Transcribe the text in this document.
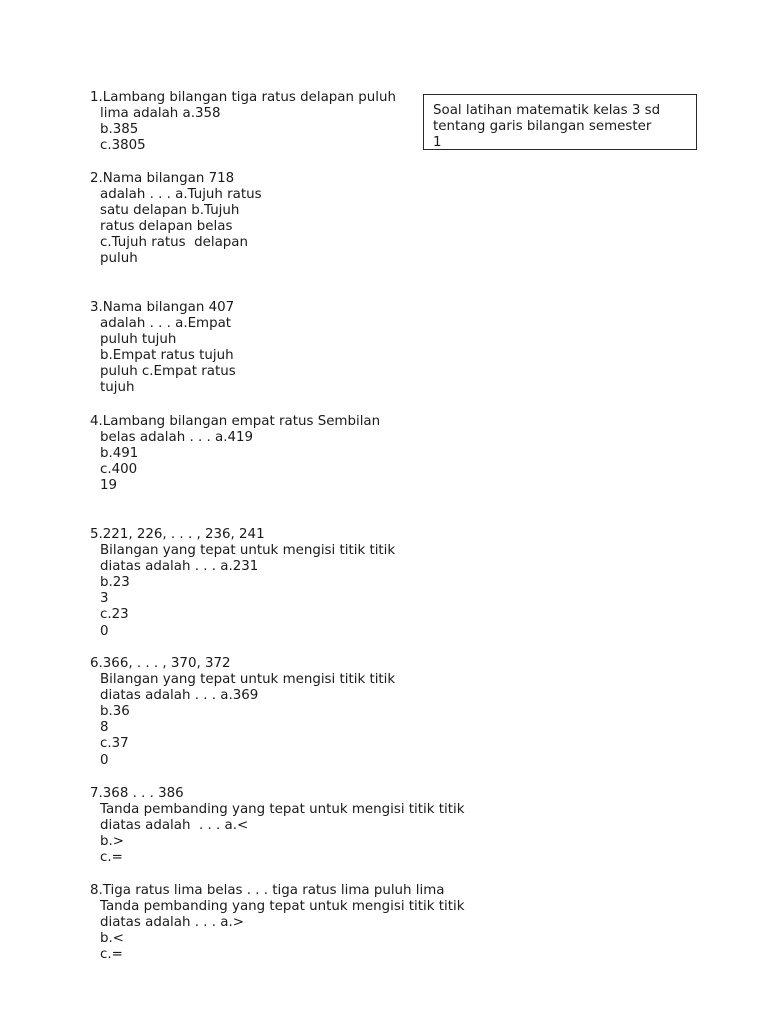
Soal latihan matematik kelas 3 sd
tentang garis bilangan semester
1
1.Lambang bilangan tiga ratus delapan puluh
lima adalah a.358
b.385
c.3805
2.Nama bilangan 718
adalah . . . a.Tujuh ratus
satu delapan b.Tujuh
ratus delapan belas
c.Tujuh ratus  delapan
puluh
3.Nama bilangan 407
adalah . . . a.Empat
puluh tujuh
b.Empat ratus tujuh
puluh c.Empat ratus
tujuh
4.Lambang bilangan empat ratus Sembilan
belas adalah . . . a.419
b.491
c.400
19
5.221, 226, . . . , 236, 241
Bilangan yang tepat untuk mengisi titik titik
diatas adalah . . . a.231
b.23
3
c.23
0
6.366, . . . , 370, 372
Bilangan yang tepat untuk mengisi titik titik
diatas adalah . . . a.369
b.36
8
c.37
0
7.368 . . . 386
Tanda pembanding yang tepat untuk mengisi titik titik
diatas adalah  . . . a.<
b.>
c.=
8.Tiga ratus lima belas . . . tiga ratus lima puluh lima
Tanda pembanding yang tepat untuk mengisi titik titik
diatas adalah . . . a.>
b.<
c.=
